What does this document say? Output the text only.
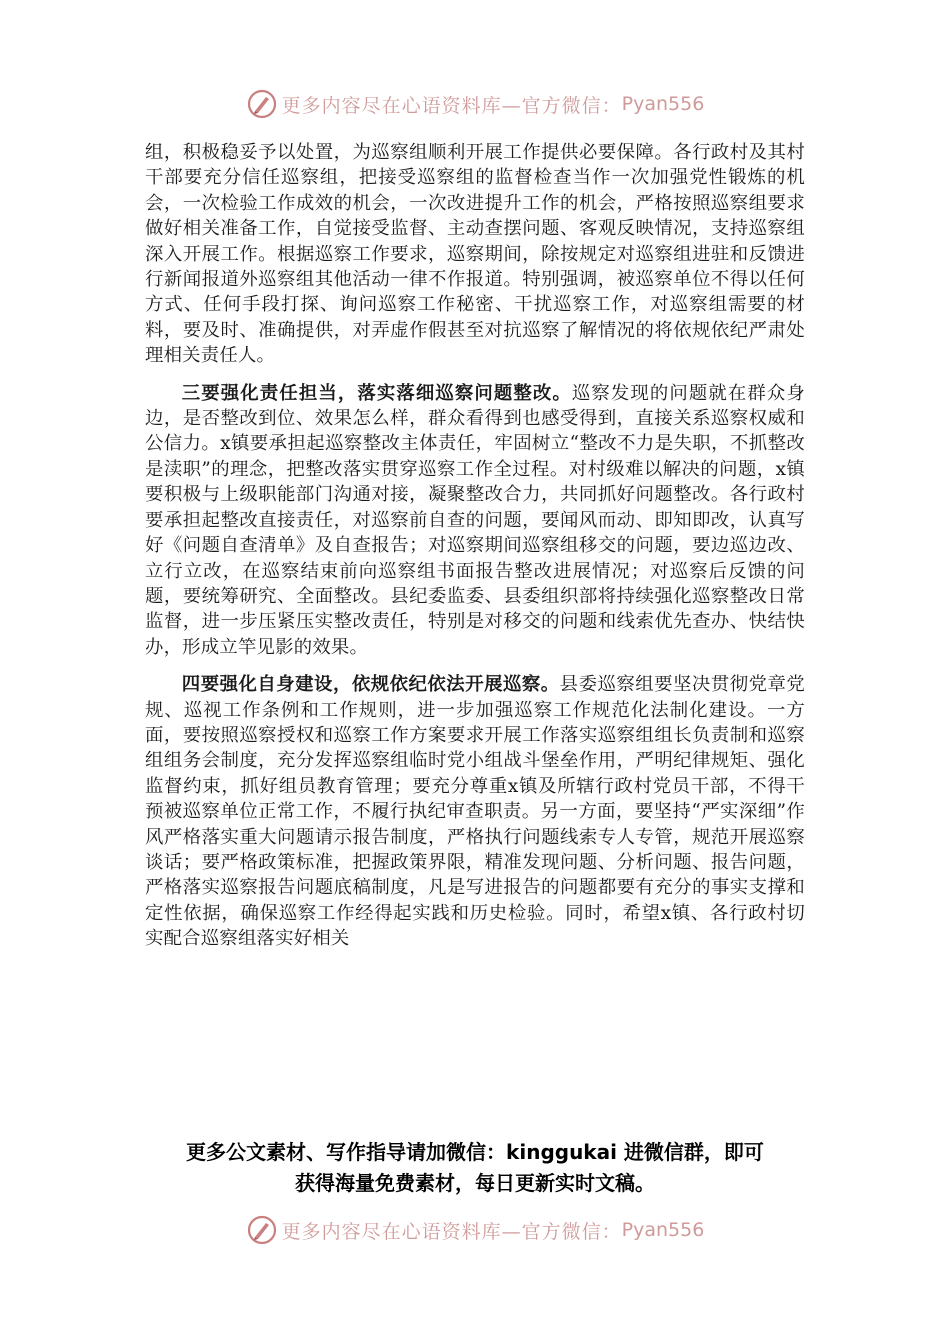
更多内容尽在心语资料库—官方微信： Pyan556

组，积极稳妥予以处置，为巡察组顺利开展工作提供必要保障。各行政村及其村干部要充分信任巡察组，把接受巡察组的监督检查当作一次加强党性锻炼的机会，一次检验工作成效的机会，一次改进提升工作的机会，严格按照巡察组要求做好相关准备工作，自觉接受监督、主动查摆问题、客观反映情况，支持巡察组深入开展工作。根据巡察工作要求，巡察期间，除按规定对巡察组进驻和反馈进行新闻报道外巡察组其他活动一律不作报道。特别强调，被巡察单位不得以任何方式、任何手段打探、询问巡察工作秘密、干扰巡察工作，对巡察组需要的材料，要及时、准确提供，对弄虚作假甚至对抗巡察了解情况的将依规依纪严肃处理相关责任人。

三要强化责任担当，落实落细巡察问题整改。巡察发现的问题就在群众身边，是否整改到位、效果怎么样，群众看得到也感受得到，直接关系巡察权威和公信力。x镇要承担起巡察整改主体责任，牢固树立“整改不力是失职，不抓整改是渎职”的理念，把整改落实贯穿巡察工作全过程。对村级难以解决的问题，x镇要积极与上级职能部门沟通对接，凝聚整改合力，共同抓好问题整改。各行政村要承担起整改直接责任，对巡察前自查的问题，要闻风而动、即知即改，认真写好《问题自查清单》及自查报告；对巡察期间巡察组移交的问题，要边巡边改、立行立改，在巡察结束前向巡察组书面报告整改进展情况；对巡察后反馈的问题，要统筹研究、全面整改。县纪委监委、县委组织部将持续强化巡察整改日常监督，进一步压紧压实整改责任，特别是对移交的问题和线索优先查办、快结快办，形成立竿见影的效果。

四要强化自身建设，依规依纪依法开展巡察。县委巡察组要坚决贯彻党章党规、巡视工作条例和工作规则，进一步加强巡察工作规范化法制化建设。一方面，要按照巡察授权和巡察工作方案要求开展工作落实巡察组组长负责制和巡察组组务会制度，充分发挥巡察组临时党小组战斗堡垒作用，严明纪律规矩、强化监督约束，抓好组员教育管理；要充分尊重x镇及所辖行政村党员干部，不得干预被巡察单位正常工作，不履行执纪审查职责。另一方面，要坚持“严实深细”作风严格落实重大问题请示报告制度，严格执行问题线索专人专管，规范开展巡察谈话；要严格政策标准，把握政策界限，精准发现问题、分析问题、报告问题，严格落实巡察报告问题底稿制度，凡是写进报告的问题都要有充分的事实支撑和定性依据，确保巡察工作经得起实践和历史检验。同时，希望x镇、各行政村切实配合巡察组落实好相关

更多公文素材、写作指导请加微信：kinggukai 进微信群，即可
获得海量免费素材，每日更新实时文稿。
更多内容尽在心语资料库—官方微信： Pyan556
